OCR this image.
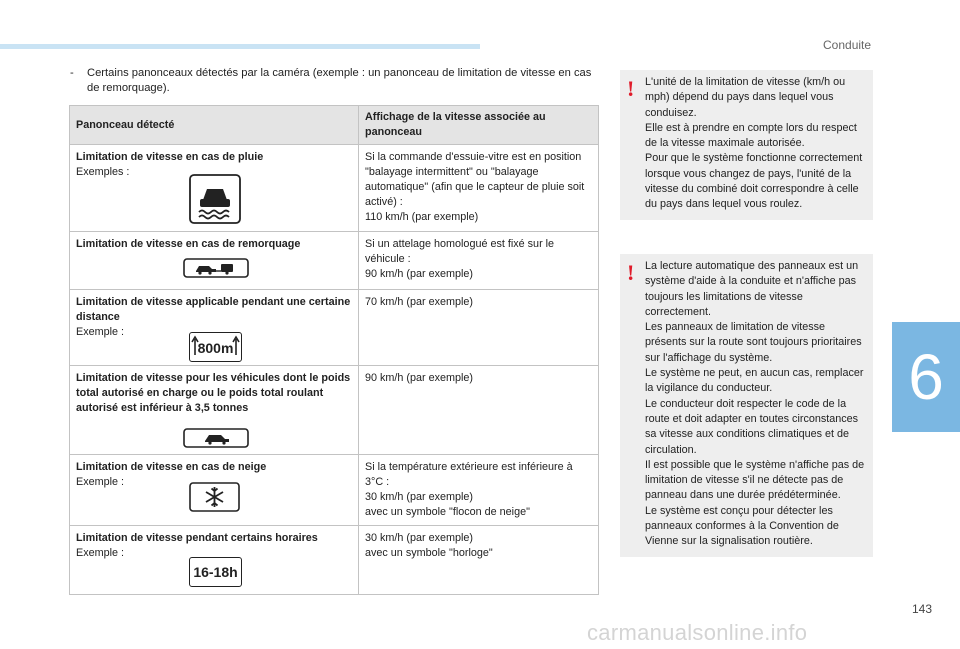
Conduite
6
- Certains panonceaux détectés par la caméra (exemple : un panonceau de limitation de vitesse en cas de remorquage).
Panonceau détecté	Affichage de la vitesse associée au panonceau

Limitation de vitesse en cas de pluie
Exemples :	Si la commande d'essuie-vitre est en position "balayage intermittent" ou "balayage automatique" (afin que le capteur de pluie soit activé) :
110 km/h (par exemple)

Limitation de vitesse en cas de remorquage	Si un attelage homologué est fixé sur le véhicule :
90 km/h (par exemple)

Limitation de vitesse applicable pendant une certaine distance
Exemple :
800m	70 km/h (par exemple)

Limitation de vitesse pour les véhicules dont le poids total autorisé en charge ou le poids total roulant autorisé est inférieur à 3,5 tonnes	90 km/h (par exemple)

Limitation de vitesse en cas de neige
Exemple :	Si la température extérieure est inférieure à 3°C :
30 km/h (par exemple)
avec un symbole "flocon de neige"

Limitation de vitesse pendant certains horaires
Exemple :
16-18h	30 km/h (par exemple)
avec un symbole "horloge"
! L'unité de la limitation de vitesse (km/h ou mph) dépend du pays dans lequel vous conduisez.
Elle est à prendre en compte lors du respect de la vitesse maximale autorisée.
Pour que le système fonctionne correctement lorsque vous changez de pays, l'unité de la vitesse du combiné doit correspondre à celle du pays dans lequel vous roulez.
! La lecture automatique des panneaux est un système d'aide à la conduite et n'affiche pas toujours les limitations de vitesse correctement.
Les panneaux de limitation de vitesse présents sur la route sont toujours prioritaires sur l'affichage du système.
Le système ne peut, en aucun cas, remplacer la vigilance du conducteur.
Le conducteur doit respecter le code de la route et doit adapter en toutes circonstances sa vitesse aux conditions climatiques et de circulation.
Il est possible que le système n'affiche pas de limitation de vitesse s'il ne détecte pas de panneau dans une durée prédéterminée.
Le système est conçu pour détecter les panneaux conformes à la Convention de Vienne sur la signalisation routière.
143
carmanualsonline.info
